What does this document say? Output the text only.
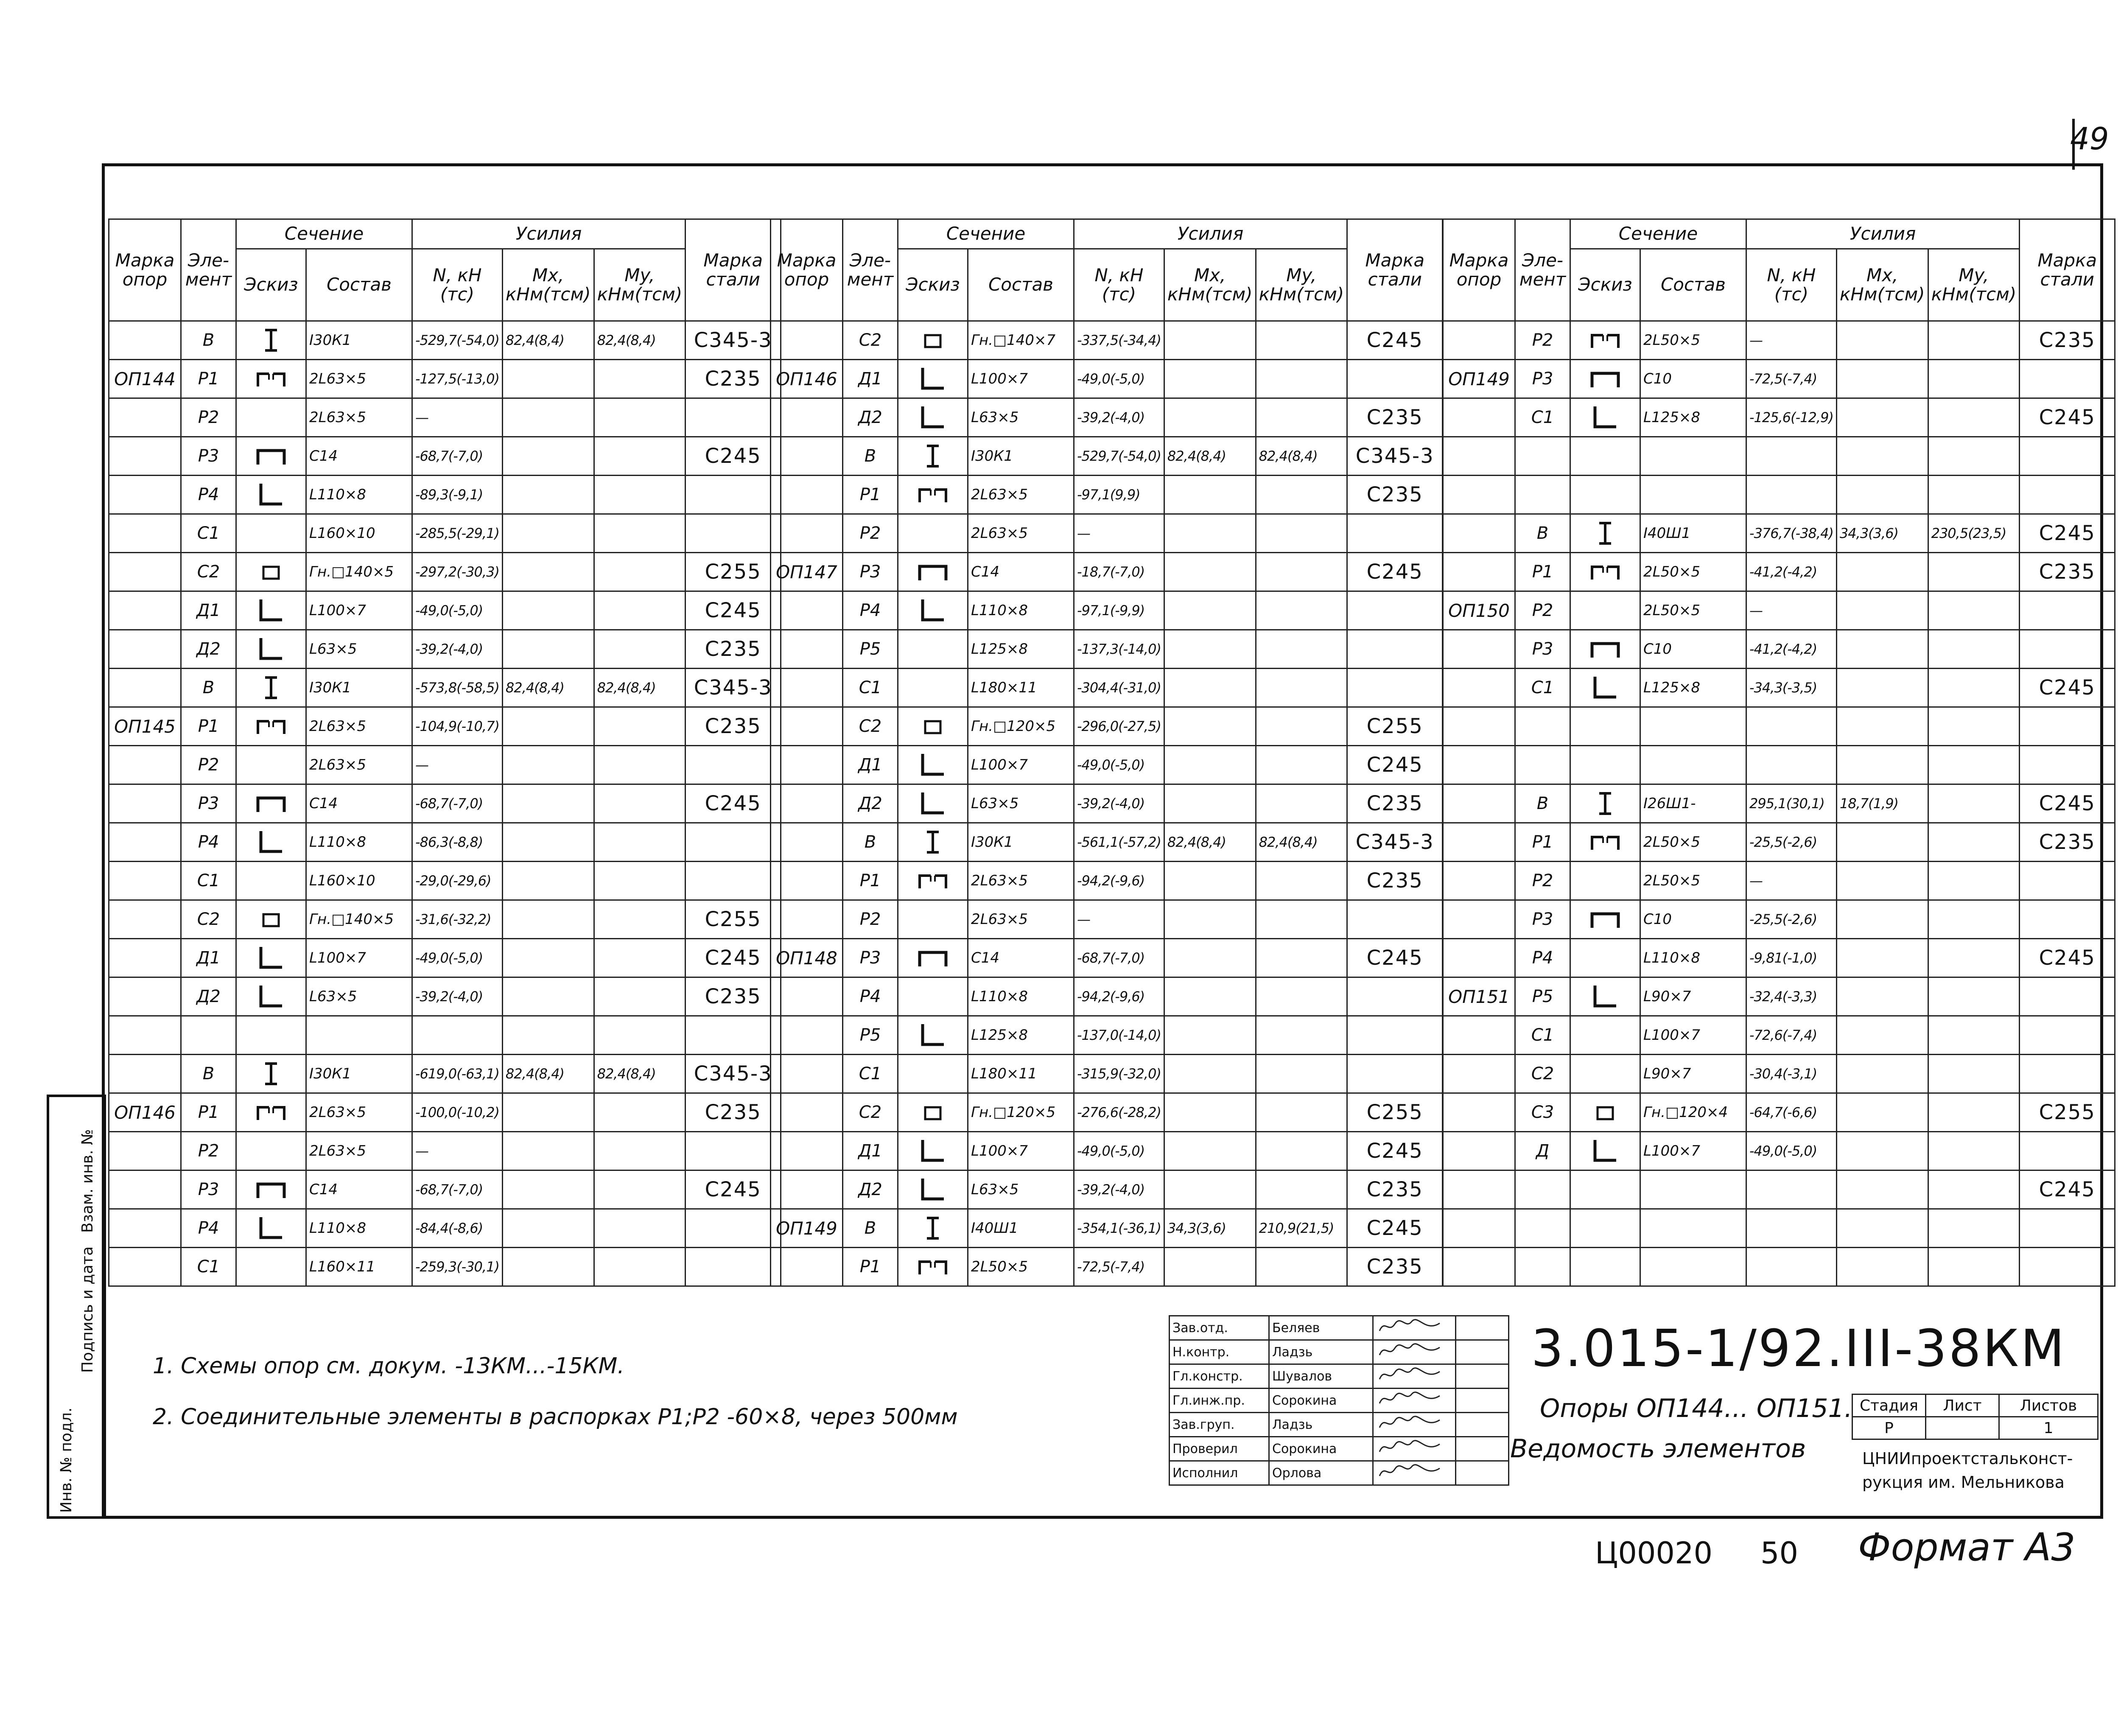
49
Марка опор	Эле- мент	Сечение		Усилия			Марка стали
		Эскиз	Состав	N, кН (тс)	Mx, кНм(тсм)	My, кНм(тсм)	
	В		I30К1	-529,7(-54,0)	82,4(8,4)	82,4(8,4)	С345-3
ОП144	Р1		2L63×5	-127,5(-13,0)			С235
	Р2		2L63×5	—			
	Р3		С14	-68,7(-7,0)			С245
	Р4		L110×8	-89,3(-9,1)			
	С1		L160×10	-285,5(-29,1)			
	С2		Гн.□140×5	-297,2(-30,3)			С255
	Д1		L100×7	-49,0(-5,0)			С245
	Д2		L63×5	-39,2(-4,0)			С235
	В		I30К1	-573,8(-58,5)	82,4(8,4)	82,4(8,4)	С345-3
ОП145	Р1		2L63×5	-104,9(-10,7)			С235
	Р2		2L63×5	—			
	Р3		С14	-68,7(-7,0)			С245
	Р4		L110×8	-86,3(-8,8)			
	С1		L160×10	-29,0(-29,6)			
	С2		Гн.□140×5	-31,6(-32,2)			С255
	Д1		L100×7	-49,0(-5,0)			С245
	Д2		L63×5	-39,2(-4,0)			С235

	В		I30К1	-619,0(-63,1)	82,4(8,4)	82,4(8,4)	С345-3
ОП146	Р1		2L63×5	-100,0(-10,2)			С235
	Р2		2L63×5	—			
	Р3		С14	-68,7(-7,0)			С245
	Р4		L110×8	-84,4(-8,6)			
	С1		L160×11	-259,3(-30,1)			
Марка опор	Эле- мент	Сечение		Усилия			Марка стали
		Эскиз	Состав	N, кН (тс)	Mx, кНм(тсм)	My, кНм(тсм)	
	С2		Гн.□140×7	-337,5(-34,4)			С245
ОП146	Д1		L100×7	-49,0(-5,0)			
	Д2		L63×5	-39,2(-4,0)			С235
	В		I30К1	-529,7(-54,0)	82,4(8,4)	82,4(8,4)	С345-3
	Р1		2L63×5	-97,1(9,9)			С235
	Р2		2L63×5	—			
ОП147	Р3		С14	-18,7(-7,0)			С245
	Р4		L110×8	-97,1(-9,9)			
	Р5		L125×8	-137,3(-14,0)			
	С1		L180×11	-304,4(-31,0)			
	С2		Гн.□120×5	-296,0(-27,5)			С255
	Д1		L100×7	-49,0(-5,0)			С245
	Д2		L63×5	-39,2(-4,0)			С235
	В		I30К1	-561,1(-57,2)	82,4(8,4)	82,4(8,4)	С345-3
	Р1		2L63×5	-94,2(-9,6)			С235
	Р2		2L63×5	—			
ОП148	Р3		С14	-68,7(-7,0)			С245
	Р4		L110×8	-94,2(-9,6)			
	Р5		L125×8	-137,0(-14,0)			
	С1		L180×11	-315,9(-32,0)			
	С2		Гн.□120×5	-276,6(-28,2)			С255
	Д1		L100×7	-49,0(-5,0)			С245
	Д2		L63×5	-39,2(-4,0)			С235
ОП149	В		I40Ш1	-354,1(-36,1)	34,3(3,6)	210,9(21,5)	С245
	Р1		2L50×5	-72,5(-7,4)			С235
Марка опор	Эле- мент	Сечение		Усилия			Марка стали
		Эскиз	Состав	N, кН (тс)	Mx, кНм(тсм)	My, кНм(тсм)	
	Р2		2L50×5	—			С235
ОП149	Р3		С10	-72,5(-7,4)			
	С1		L125×8	-125,6(-12,9)			С245

	В		I40Ш1	-376,7(-38,4)	34,3(3,6)	230,5(23,5)	С245
	Р1		2L50×5	-41,2(-4,2)			С235
ОП150	Р2		2L50×5	—			
	Р3		С10	-41,2(-4,2)			
	С1		L125×8	-34,3(-3,5)			С245

	В		I26Ш1-	295,1(30,1)	18,7(1,9)		С245
	Р1		2L50×5	-25,5(-2,6)			С235
	Р2		2L50×5	—			
	Р3		С10	-25,5(-2,6)			
	Р4		L110×8	-9,81(-1,0)			С245
ОП151	Р5		L90×7	-32,4(-3,3)			
	С1		L100×7	-72,6(-7,4)			
	С2		L90×7	-30,4(-3,1)			
	С3		Гн.□120×4	-64,7(-6,6)			С255
	Д		L100×7	-49,0(-5,0)			
							С245

1. Схемы опор см. докум. -13КМ...-15КМ.
2. Соединительные элементы в распорках Р1;Р2 -60×8, через 500мм
Инв. № подл.
Подпись и дата
Взам. инв. №
Зав.отд.	Беляев		
Н.контр.	Ладзь		
Гл.констр.	Шувалов		
Гл.инж.пр.	Сорокина		
Зав.груп.	Ладзь		
Проверил	Сорокина		
Исполнил	Орлова		
3.015-1/92.III-38КМ
Опоры ОП144... ОП151.
Ведомость элементов
Стадия	Лист	Листов
Р		1
ЦНИИпроектстальконст- рукция им. Мельникова
Ц00020 50 Формат А3
